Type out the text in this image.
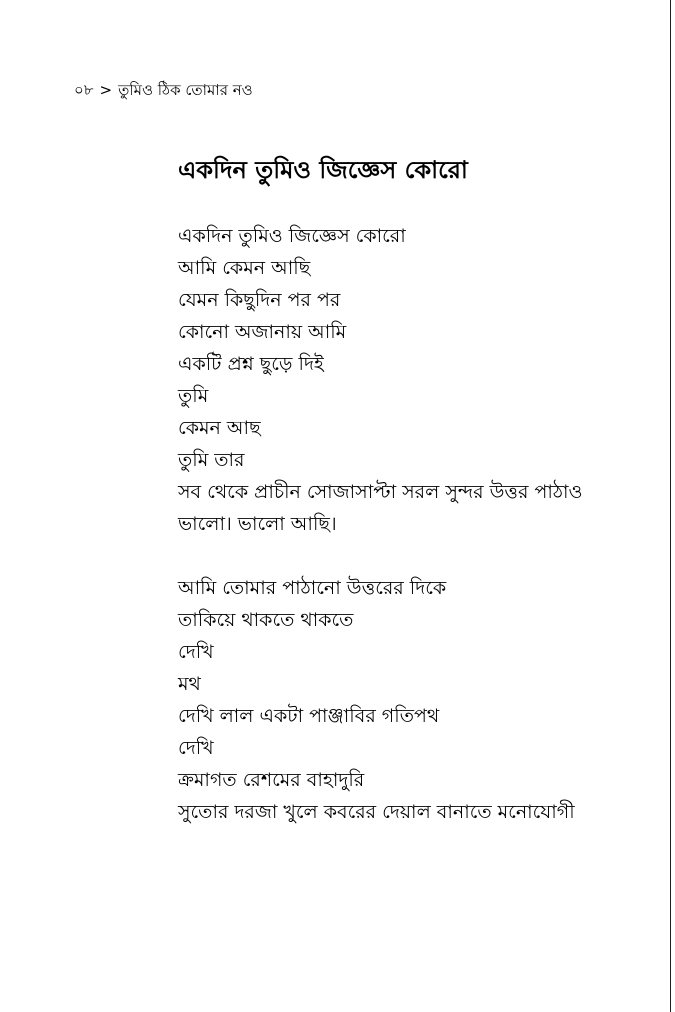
০৮ > তুমিও ঠিক তোমার নও
একদিন তুমিও জিজ্ঞেস কোরো
একদিন তুমিও জিজ্ঞেস কোরো
আমি কেমন আছি
যেমন কিছুদিন পর পর
কোনো অজানায় আমি
একটি প্রশ্ন ছুড়ে দিই
তুমি
কেমন আছ
তুমি তার
সব থেকে প্রাচীন সোজাসাপ্টা সরল সুন্দর উত্তর পাঠাও
ভালো। ভালো আছি।
আমি তোমার পাঠানো উত্তরের দিকে
তাকিয়ে থাকতে থাকতে
দেখি
মথ
দেখি লাল একটা পাঞ্জাবির গতিপথ
দেখি
ক্রমাগত রেশমের বাহাদুরি
সুতোর দরজা খুলে কবরের দেয়াল বানাতে মনোযোগী
